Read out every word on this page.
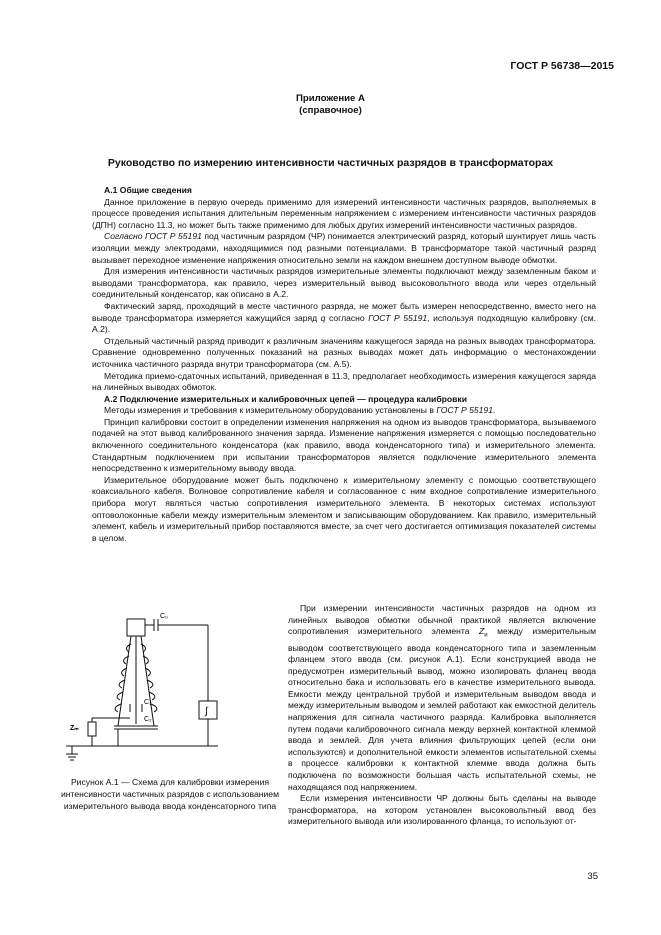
ГОСТ Р 56738—2015
Приложение А
(справочное)
Руководство по измерению интенсивности частичных разрядов в трансформаторах

А.1 Общие сведения

Данное приложение в первую очередь применимо для измерений интенсивности частичных разрядов, выполняемых в процессе проведения испытания длительным переменным напряжением с измерением интенсивности частичных разрядов (ДПН) согласно 11.3, но может быть также применимо для любых других измерений интенсивности частичных разрядов.

Согласно ГОСТ Р 55191 под частичным разрядом (ЧР) понимается электрический разряд, который шунтирует лишь часть изоляции между электродами, находящимися под разными потенциалами. В трансформаторе такой частичный разряд вызывает переходное изменение напряжения относительно земли на каждом внешнем доступном выводе обмотки.

Для измерения интенсивности частичных разрядов измерительные элементы подключают между заземленным баком и выводами трансформатора, как правило, через измерительный вывод высоковольтного ввода или через отдельный соединительный конденсатор, как описано в А.2.

Фактический заряд, проходящий в месте частичного разряда, не может быть измерен непосредственно, вместо него на выводе трансформатора измеряется кажущийся заряд q согласно ГОСТ Р 55191, используя подходящую калибровку (см. А.2).

Отдельный частичный разряд приводит к различным значениям кажущегося заряда на разных выводах трансформатора. Сравнение одновременно полученных показаний на разных выводах может дать информацию о местонахождении источника частичного разряда внутри трансформатора (см. А.5).

Методика приемо-сдаточных испытаний, приведенная в 11.3, предполагает необходимость измерения кажущегося заряда на линейных выводах обмоток.

А.2 Подключение измерительных и калибровочных цепей — процедура калибровки

Методы измерения и требования к измерительному оборудованию установлены в ГОСТ Р 55191.

Принцип калибровки состоит в определении изменения напряжения на одном из выводов трансформатора, вызываемого подачей на этот вывод калиброванного значения заряда. Изменение напряжения измеряется с помощью последовательно включенного соединительного конденсатора (как правило, ввода конденсаторного типа) и измерительного элемента. Стандартным подключением при испытании трансформаторов является подключение измерительного элемента непосредственно к измерительному выводу ввода.

Измерительное оборудование может быть подключено к измерительному элементу с помощью соответствующего коаксиального кабеля. Волновое сопротивление кабеля и согласованное с ним входное сопротивление измерительного прибора могут являться частью сопротивления измерительного элемента. В некоторых системах используют оптоволоконные кабели между измерительным элементом и записывающим оборудованием. Как правило, измерительный элемент, кабель и измерительный прибор поставляются вместе, за счет чего достигается оптимизация показателей системы в целом.

C₀
C₁
C₂
Zₘ
∫

При измерении интенсивности частичных разрядов на одном из линейных выводов обмотки обычной практикой является включение сопротивления измерительного элемента $Z_и$ между измерительным выводом соответствующего ввода конденсаторного типа и заземленным фланцем этого ввода (см. рисунок А.1). Если конструкцией ввода не предусмотрен измерительный вывод, можно изолировать фланец ввода относительно бака и использовать его в качестве измерительного вывода. Емкости между центральной трубой и измерительным выводом ввода и между измерительным выводом и землей работают как емкостной делитель напряжения для сигнала частичного разряда. Калибровка выполняется путем подачи калибровочного сигнала между верхней контактной клеммой ввода и землей. Для учета влияния фильтрующих цепей (если они используются) и дополнительной емкости элементов испытательной схемы в процессе калибровки к контактной клемме ввода должна быть подключена по возможности большая часть испытательной схемы, не находящаяся под напряжением.

Если измерения интенсивности ЧР должны быть сделаны на выводе трансформатора, на котором установлен высоковольтный ввод без измерительного вывода или изолированного фланца, то используют от-

Рисунок А.1 — Схема для калибровки измерения интенсивности частичных разрядов с использованием измерительного вывода ввода конденсаторного типа
35
